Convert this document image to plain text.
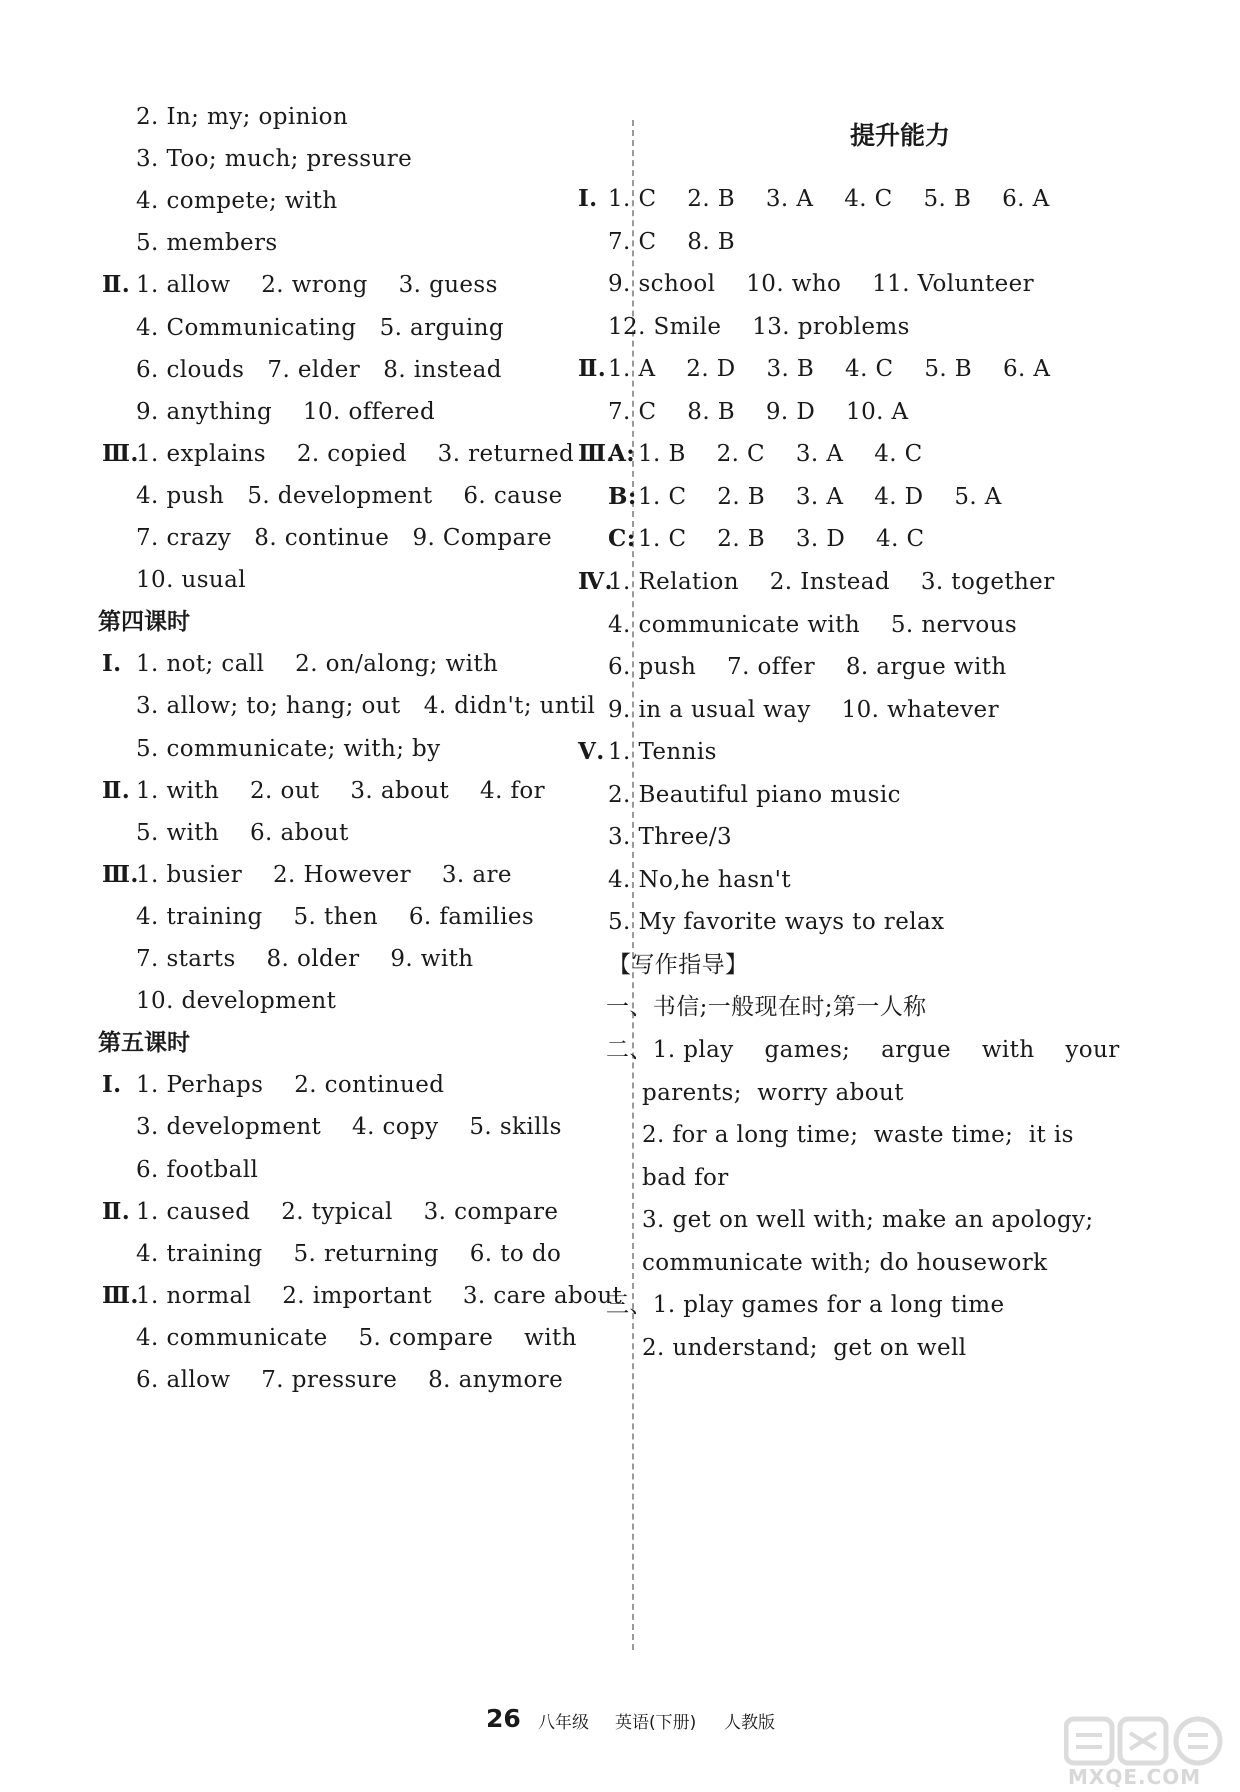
2. In; my; opinion
3. Too; much; pressure
4. compete; with
5. members
Ⅱ. 1. allow    2. wrong    3. guess
4. Communicating   5. arguing
6. clouds   7. elder   8. instead
9. anything    10. offered
Ⅲ.
1. explains    2. copied    3. returned
4. push   5. development    6. cause
7. crazy   8. continue   9. Compare
10. usual
第四课时
Ⅰ. 1. not; call    2. on/along; with
3. allow; to; hang; out   4. didn't; until
5. communicate; with; by
Ⅱ. 1. with    2. out    3. about    4. for
5. with    6. about
Ⅲ.
1. busier    2. However    3. are
4. training    5. then    6. families
7. starts    8. older    9. with
10. development
第五课时
Ⅰ. 1. Perhaps    2. continued
3. development    4. copy    5. skills
6. football
Ⅱ. 1. caused    2. typical    3. compare
4. training    5. returning    6. to do
Ⅲ.
1. normal    2. important    3. care about
4. communicate    5. compare    with
6. allow    7. pressure    8. anymore
提升能力
Ⅰ. 1. C    2. B    3. A    4. C    5. B    6. A
7. C    8. B
9. school    10. who    11. Volunteer
12. Smile    13. problems
Ⅱ. 1. A    2. D    3. B    4. C    5. B    6. A
7. C    8. B    9. D    10. A
Ⅲ.
A: 1. B    2. C    3. A    4. C
B: 1. C    2. B    3. A    4. D    5. A
C: 1. C    2. B    3. D    4. C
Ⅳ.
1. Relation    2. Instead    3. together
4. communicate with    5. nervous
6. push    7. offer    8. argue with
9. in a usual way    10. whatever
Ⅴ. 1. Tennis
2. Beautiful piano music
3. Three/3
4. No,he hasn't
5. My favorite ways to relax
【写作指导】
一、书信;一般现在时;第一人称
二、1. play    games;    argue    with    your
parents;  worry about
2. for a long time;  waste time;  it is
bad for
3. get on well with; make an apology;
communicate with; do housework
三、1. play games for a long time
2. understand;  get on well
26 八年级 英语(下册) 人教版
MXQE.COM
